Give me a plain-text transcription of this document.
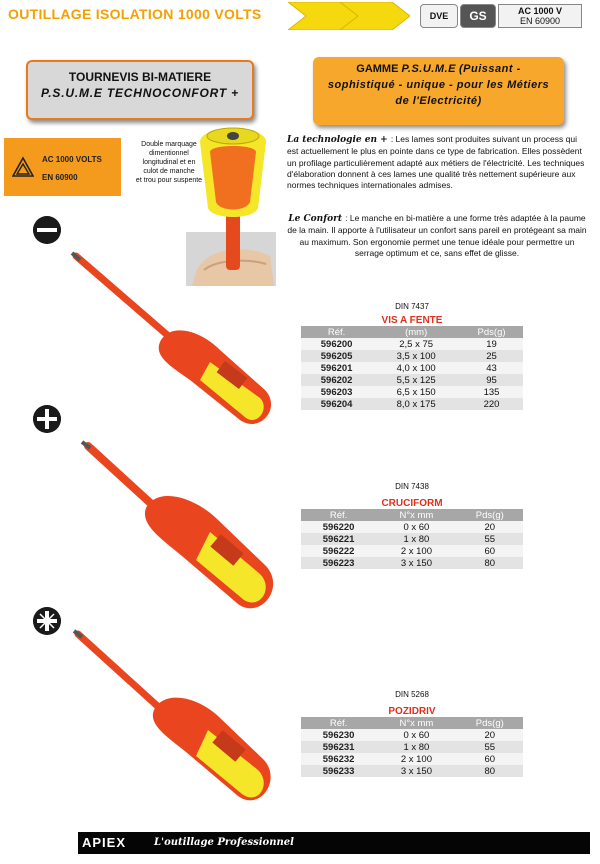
OUTILLAGE ISOLATION 1000 VOLTS	DVE GS	AC 1000 V
EN 60900
TOURNEVIS BI-MATIERE
P.S.U.M.E TECHNOCONFORT +
GAMME P.S.U.M.E (Puissant -
sophistiqué - unique - pour les Métiers
de l'Electricité)
AC 1000 VOLTS
EN 60900
Double marquage
dimentionnel
longitudinal et en
culot de manche
et trou pour suspente
La technologie en + : Les lames sont produites suivant un process qui est actuellement le plus en pointe dans ce type de fabrication. Elles possèdent un profilage particulièrement adapté aux métiers de l'électricité. Les techniques d'élaboration donnent à ces lames une qualité très nettement supérieure aux normes techniques internationales admises.
Le Confort : Le manche en bi-matière a une forme très adaptée à la paume de la main. Il apporte à l'utilisateur un confort sans pareil en protégeant sa main au maximum. Son ergonomie permet une tenue idéale pour permettre un serrage optimum et ce, sans effet de glisse.
DIN 7437
VIS A FENTE
Réf.	(mm)	Pds(g)
596200	2,5 x 75	19
596205	3,5 x 100	25
596201	4,0 x 100	43
596202	5,5 x 125	95
596203	6,5 x 150	135
596204	8,0 x 175	220
DIN 7438
CRUCIFORM
Réf.	N°x mm	Pds(g)
596220	0 x 60	20
596221	1 x 80	55
596222	2 x 100	60
596223	3 x 150	80
DIN 5268
POZIDRIV
Réf.	N°x mm	Pds(g)
596230	0 x 60	20
596231	1 x 80	55
596232	2 x 100	60
596233	3 x 150	80
APIEX	L'outillage Professionnel
